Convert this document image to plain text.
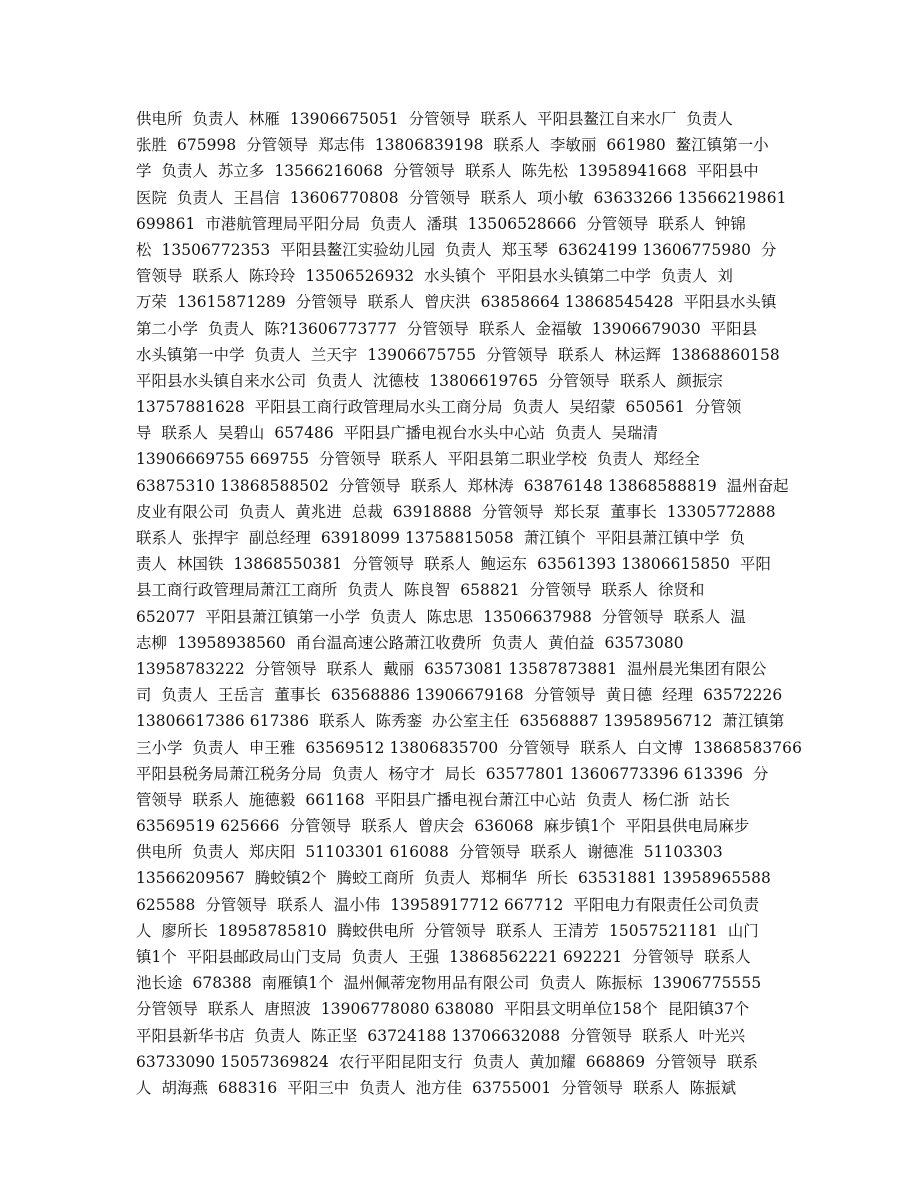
供电所  负责人  林雁  13906675051  分管领导  联系人  平阳县鳌江自来水厂  负责人
张胜  675998  分管领导  郑志伟  13806839198  联系人  李敏丽  661980  鳌江镇第一小
学  负责人  苏立多  13566216068  分管领导  联系人  陈先松  13958941668  平阳县中
医院  负责人  王昌信  13606770808  分管领导  联系人  项小敏  63633266 13566219861
699861  市港航管理局平阳分局  负责人  潘琪  13506528666  分管领导  联系人  钟锦
松  13506772353  平阳县鳌江实验幼儿园  负责人  郑玉琴  63624199 13606775980  分
管领导  联系人  陈玲玲  13506526932  水头镇个  平阳县水头镇第二中学  负责人  刘
万荣  13615871289  分管领导  联系人  曾庆洪  63858664 13868545428  平阳县水头镇
第二小学  负责人  陈?13606773777  分管领导  联系人  金福敏  13906679030  平阳县
水头镇第一中学  负责人  兰天宇  13906675755  分管领导  联系人  林运辉  13868860158
平阳县水头镇自来水公司  负责人  沈德枝  13806619765  分管领导  联系人  颜振宗
13757881628  平阳县工商行政管理局水头工商分局  负责人  吴绍蒙  650561  分管领
导  联系人  吴碧山  657486  平阳县广播电视台水头中心站  负责人  吴瑞清
13906669755 669755  分管领导  联系人  平阳县第二职业学校  负责人  郑经全
63875310 13868588502  分管领导  联系人  郑林涛  63876148 13868588819  温州奋起
皮业有限公司  负责人  黄兆进  总裁  63918888  分管领导  郑长泵  董事长  13305772888
联系人  张捍宇  副总经理  63918099 13758815058  萧江镇个  平阳县萧江镇中学  负
责人  林国铁  13868550381  分管领导  联系人  鲍运东  63561393 13806615850  平阳
县工商行政管理局萧江工商所  负责人  陈良智  658821  分管领导  联系人  徐贤和
652077  平阳县萧江镇第一小学  负责人  陈忠思  13506637988  分管领导  联系人  温
志柳  13958938560  甬台温高速公路萧江收费所  负责人  黄伯益  63573080
13958783222  分管领导  联系人  戴丽  63573081 13587873881  温州晨光集团有限公
司  负责人  王岳言  董事长  63568886 13906679168  分管领导  黄日德  经理  63572226
13806617386 617386  联系人  陈秀銮  办公室主任  63568887 13958956712  萧江镇第
三小学  负责人  申王雅  63569512 13806835700  分管领导  联系人  白文博  13868583766
平阳县税务局萧江税务分局  负责人  杨守才  局长  63577801 13606773396 613396  分
管领导  联系人  施德毅  661168  平阳县广播电视台萧江中心站  负责人  杨仁浙  站长
63569519 625666  分管领导  联系人  曾庆会  636068  麻步镇1个  平阳县供电局麻步
供电所  负责人  郑庆阳  51103301 616088  分管领导  联系人  谢德准  51103303
13566209567  腾蛟镇2个  腾蛟工商所  负责人  郑桐华  所长  63531881 13958965588
625588  分管领导  联系人  温小伟  13958917712 667712  平阳电力有限责任公司负责
人  廖所长  18958785810  腾蛟供电所  分管领导  联系人  王清芳  15057521181  山门
镇1个  平阳县邮政局山门支局  负责人  王强  13868562221 692221  分管领导  联系人
池长途  678388  南雁镇1个  温州佩蒂宠物用品有限公司  负责人  陈振标  13906775555
分管领导  联系人  唐照波  13906778080 638080  平阳县文明单位158个  昆阳镇37个
平阳县新华书店  负责人  陈正坚  63724188 13706632088  分管领导  联系人  叶光兴
63733090 15057369824  农行平阳昆阳支行  负责人  黄加耀  668869  分管领导  联系
人  胡海燕  688316  平阳三中  负责人  池方佳  63755001  分管领导  联系人  陈振斌
